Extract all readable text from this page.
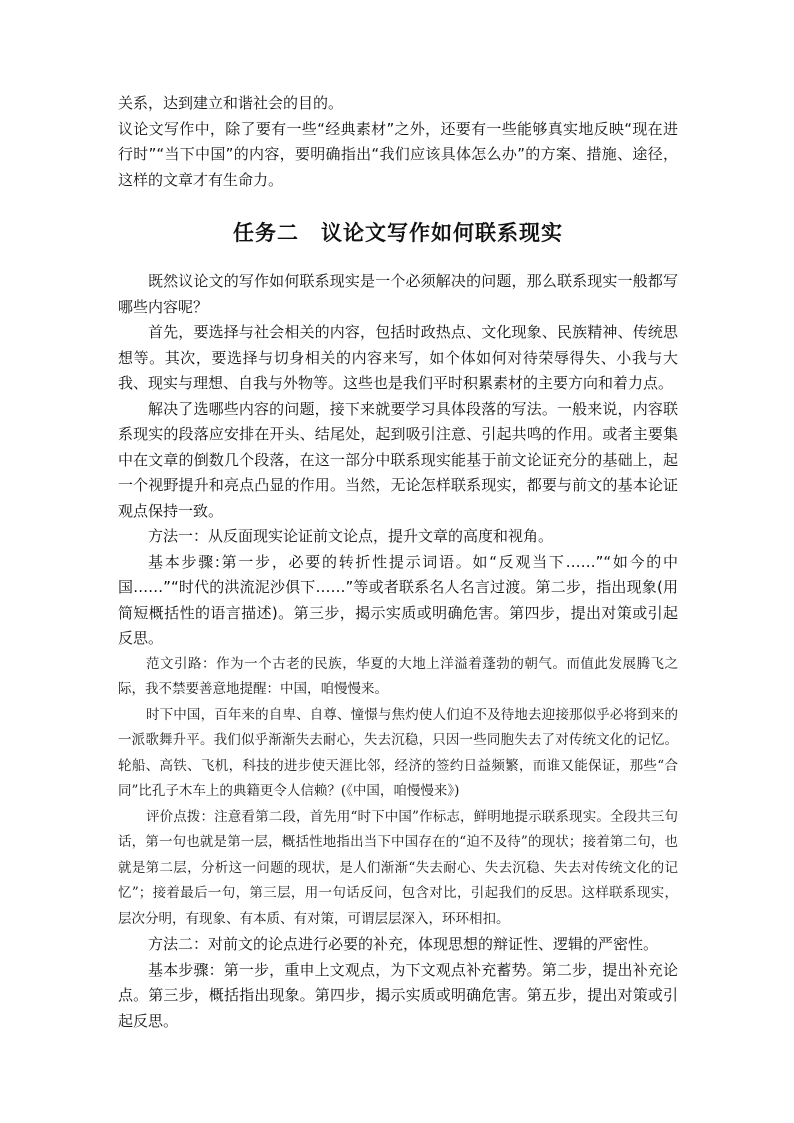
关系，达到建立和谐社会的目的。

议论文写作中，除了要有一些“经典素材”之外，还要有一些能够真实地反映“现在进行时”“当下中国”的内容，要明确指出“我们应该具体怎么办”的方案、措施、途径，这样的文章才有生命力。

任务二 议论文写作如何联系现实

既然议论文的写作如何联系现实是一个必须解决的问题，那么联系现实一般都写哪些内容呢？

首先，要选择与社会相关的内容，包括时政热点、文化现象、民族精神、传统思想等。其次，要选择与切身相关的内容来写，如个体如何对待荣辱得失、小我与大我、现实与理想、自我与外物等。这些也是我们平时积累素材的主要方向和着力点。

解决了选哪些内容的问题，接下来就要学习具体段落的写法。一般来说，内容联系现实的段落应安排在开头、结尾处，起到吸引注意、引起共鸣的作用。或者主要集中在文章的倒数几个段落，在这一部分中联系现实能基于前文论证充分的基础上，起一个视野提升和亮点凸显的作用。当然，无论怎样联系现实，都要与前文的基本论证观点保持一致。

方法一：从反面现实论证前文论点，提升文章的高度和视角。

基本步骤:第一步，必要的转折性提示词语。如“反观当下……”“如今的中国……”“时代的洪流泥沙俱下……”等或者联系名人名言过渡。第二步，指出现象(用简短概括性的语言描述)。第三步，揭示实质或明确危害。第四步，提出对策或引起反思。

范文引路：作为一个古老的民族，华夏的大地上洋溢着蓬勃的朝气。而值此发展腾飞之际，我不禁要善意地提醒：中国，咱慢慢来。

时下中国，百年来的自卑、自尊、憧憬与焦灼使人们迫不及待地去迎接那似乎必将到来的一派歌舞升平。我们似乎渐渐失去耐心，失去沉稳，只因一些同胞失去了对传统文化的记忆。轮船、高铁、飞机，科技的进步使天涯比邻，经济的签约日益频繁，而谁又能保证，那些“合同”比孔子木车上的典籍更令人信赖？(《中国，咱慢慢来》)

评价点拨：注意看第二段，首先用“时下中国”作标志，鲜明地提示联系现实。全段共三句话，第一句也就是第一层，概括性地指出当下中国存在的“迫不及待”的现状；接着第二句，也就是第二层，分析这一问题的现状，是人们渐渐“失去耐心、失去沉稳、失去对传统文化的记忆”；接着最后一句，第三层，用一句话反问，包含对比，引起我们的反思。这样联系现实，层次分明，有现象、有本质、有对策，可谓层层深入，环环相扣。

方法二：对前文的论点进行必要的补充，体现思想的辩证性、逻辑的严密性。

基本步骤：第一步，重申上文观点，为下文观点补充蓄势。第二步，提出补充论点。第三步，概括指出现象。第四步，揭示实质或明确危害。第五步，提出对策或引起反思。
